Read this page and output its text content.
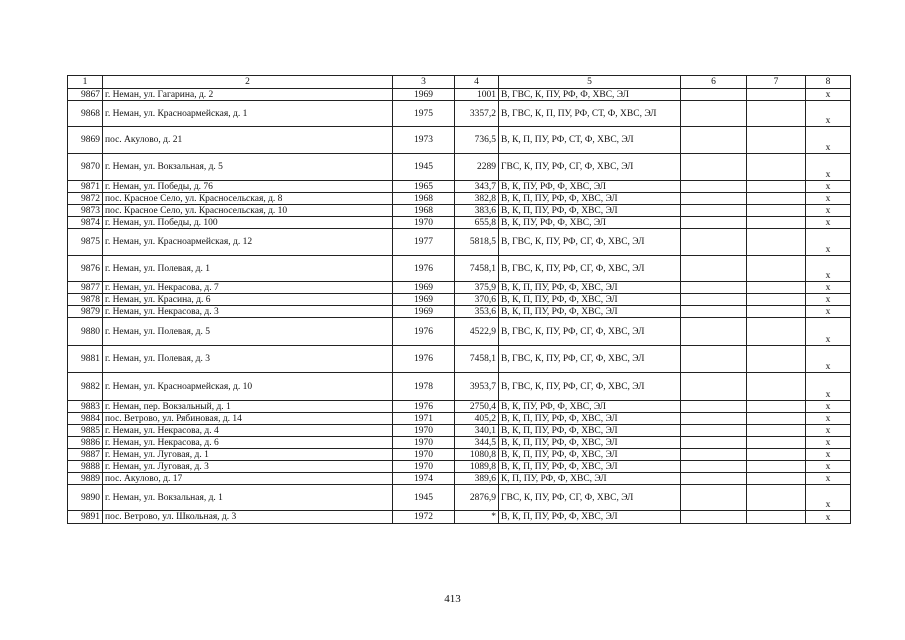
1	2	3	4	5	6	7	8
9867	г. Неман, ул. Гагарина, д. 2	1969	1001	В, ГВС, К, ПУ, РФ, Ф, ХВС, ЭЛ			x
9868	г. Неман, ул. Красноармейская, д. 1	1975	3357,2	В, ГВС, К, П, ПУ, РФ, СТ, Ф, ХВС, ЭЛ			x
9869	пос. Акулово, д. 21	1973	736,5	В, К, П, ПУ, РФ, СТ, Ф, ХВС, ЭЛ			x
9870	г. Неман, ул. Вокзальная, д. 5	1945	2289	ГВС, К, ПУ, РФ, СГ, Ф, ХВС, ЭЛ			x
9871	г. Неман, ул. Победы, д. 76	1965	343,7	В, К, ПУ, РФ, Ф, ХВС, ЭЛ			x
9872	пос. Красное Село, ул. Красносельская, д. 8	1968	382,8	В, К, П, ПУ, РФ, Ф, ХВС, ЭЛ			x
9873	пос. Красное Село, ул. Красносельская, д. 10	1968	383,6	В, К, П, ПУ, РФ, Ф, ХВС, ЭЛ			x
9874	г. Неман, ул. Победы, д. 100	1970	655,8	В, К, ПУ, РФ, Ф, ХВС, ЭЛ			x
9875	г. Неман, ул. Красноармейская, д. 12	1977	5818,5	В, ГВС, К, ПУ, РФ, СГ, Ф, ХВС, ЭЛ			x
9876	г. Неман, ул. Полевая, д. 1	1976	7458,1	В, ГВС, К, ПУ, РФ, СГ, Ф, ХВС, ЭЛ			x
9877	г. Неман, ул. Некрасова, д. 7	1969	375,9	В, К, П, ПУ, РФ, Ф, ХВС, ЭЛ			x
9878	г. Неман, ул. Красина, д. 6	1969	370,6	В, К, П, ПУ, РФ, Ф, ХВС, ЭЛ			x
9879	г. Неман, ул. Некрасова, д. 3	1969	353,6	В, К, П, ПУ, РФ, Ф, ХВС, ЭЛ			x
9880	г. Неман, ул. Полевая, д. 5	1976	4522,9	В, ГВС, К, ПУ, РФ, СГ, Ф, ХВС, ЭЛ			x
9881	г. Неман, ул. Полевая, д. 3	1976	7458,1	В, ГВС, К, ПУ, РФ, СГ, Ф, ХВС, ЭЛ			x
9882	г. Неман, ул. Красноармейская, д. 10	1978	3953,7	В, ГВС, К, ПУ, РФ, СГ, Ф, ХВС, ЭЛ			x
9883	г. Неман, пер. Вокзальный, д. 1	1976	2750,4	В, К, ПУ, РФ, Ф, ХВС, ЭЛ			x
9884	пос. Ветрово, ул. Рябиновая, д. 14	1971	405,2	В, К, П, ПУ, РФ, Ф, ХВС, ЭЛ			x
9885	г. Неман, ул. Некрасова, д. 4	1970	340,1	В, К, П, ПУ, РФ, Ф, ХВС, ЭЛ			x
9886	г. Неман, ул. Некрасова, д. 6	1970	344,5	В, К, П, ПУ, РФ, Ф, ХВС, ЭЛ			x
9887	г. Неман, ул. Луговая, д. 1	1970	1080,8	В, К, П, ПУ, РФ, Ф, ХВС, ЭЛ			x
9888	г. Неман, ул. Луговая, д. 3	1970	1089,8	В, К, П, ПУ, РФ, Ф, ХВС, ЭЛ			x
9889	пос. Акулово, д. 17	1974	389,6	К, П, ПУ, РФ, Ф, ХВС, ЭЛ			x
9890	г. Неман, ул. Вокзальная, д. 1	1945	2876,9	ГВС, К, ПУ, РФ, СГ, Ф, ХВС, ЭЛ			x
9891	пос. Ветрово, ул. Школьная, д. 3	1972	*	В, К, П, ПУ, РФ, Ф, ХВС, ЭЛ			x
413
